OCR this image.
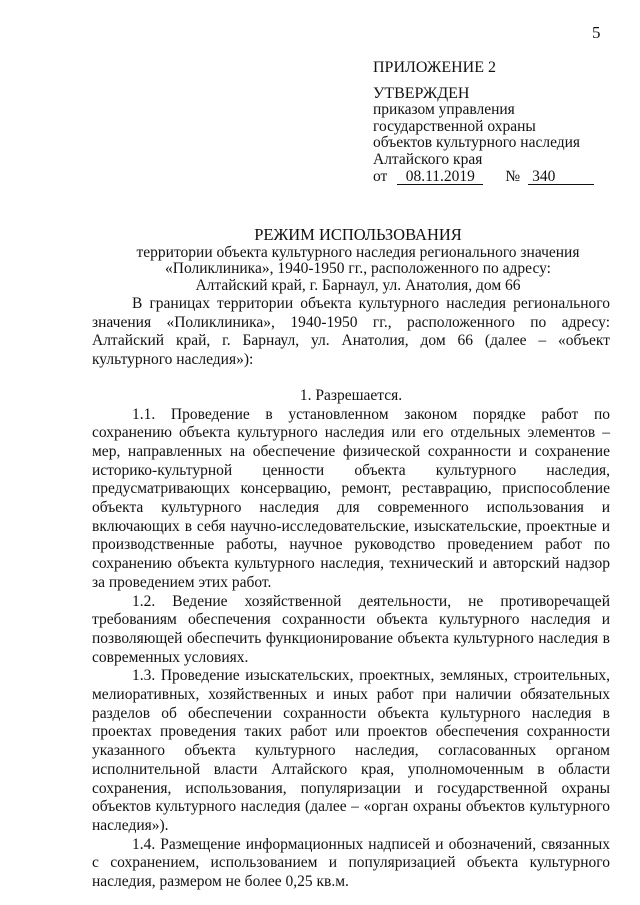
5
ПРИЛОЖЕНИЕ 2
УТВЕРЖДЕН
приказом управления
государственной охраны
объектов культурного наследия
Алтайского края
от 08.11.2019 № 340
РЕЖИМ ИСПОЛЬЗОВАНИЯ
территории объекта культурного наследия регионального значения
«Поликлиника», 1940-1950 гг., расположенного по адресу:
Алтайский край, г. Барнаул, ул. Анатолия, дом 66

В границах территории объекта культурного наследия регионального значения «Поликлиника», 1940-1950 гг., расположенного по адресу: Алтайский край, г. Барнаул, ул. Анатолия, дом 66 (далее – «объект культурного наследия»):

1. Разрешается.

1.1. Проведение в установленном законом порядке работ по сохранению объекта культурного наследия или его отдельных элементов – мер, направленных на обеспечение физической сохранности и сохранение историко-культурной ценности объекта культурного наследия, предусматривающих консервацию, ремонт, реставрацию, приспособление объекта культурного наследия для современного использования и включающих в себя научно-исследовательские, изыскательские, проектные и производственные работы, научное руководство проведением работ по сохранению объекта культурного наследия, технический и авторский надзор за проведением этих работ.

1.2. Ведение хозяйственной деятельности, не противоречащей требованиям обеспечения сохранности объекта культурного наследия и позволяющей обеспечить функционирование объекта культурного наследия в современных условиях.

1.3. Проведение изыскательских, проектных, земляных, строительных, мелиоративных, хозяйственных и иных работ при наличии обязательных разделов об обеспечении сохранности объекта культурного наследия в проектах проведения таких работ или проектов обеспечения сохранности указанного объекта культурного наследия, согласованных органом исполнительной власти Алтайского края, уполномоченным в области сохранения, использования, популяризации и государственной охраны объектов культурного наследия (далее – «орган охраны объектов культурного наследия»).

1.4. Размещение информационных надписей и обозначений, связанных с сохранением, использованием и популяризацией объекта культурного наследия, размером не более 0,25 кв.м.
